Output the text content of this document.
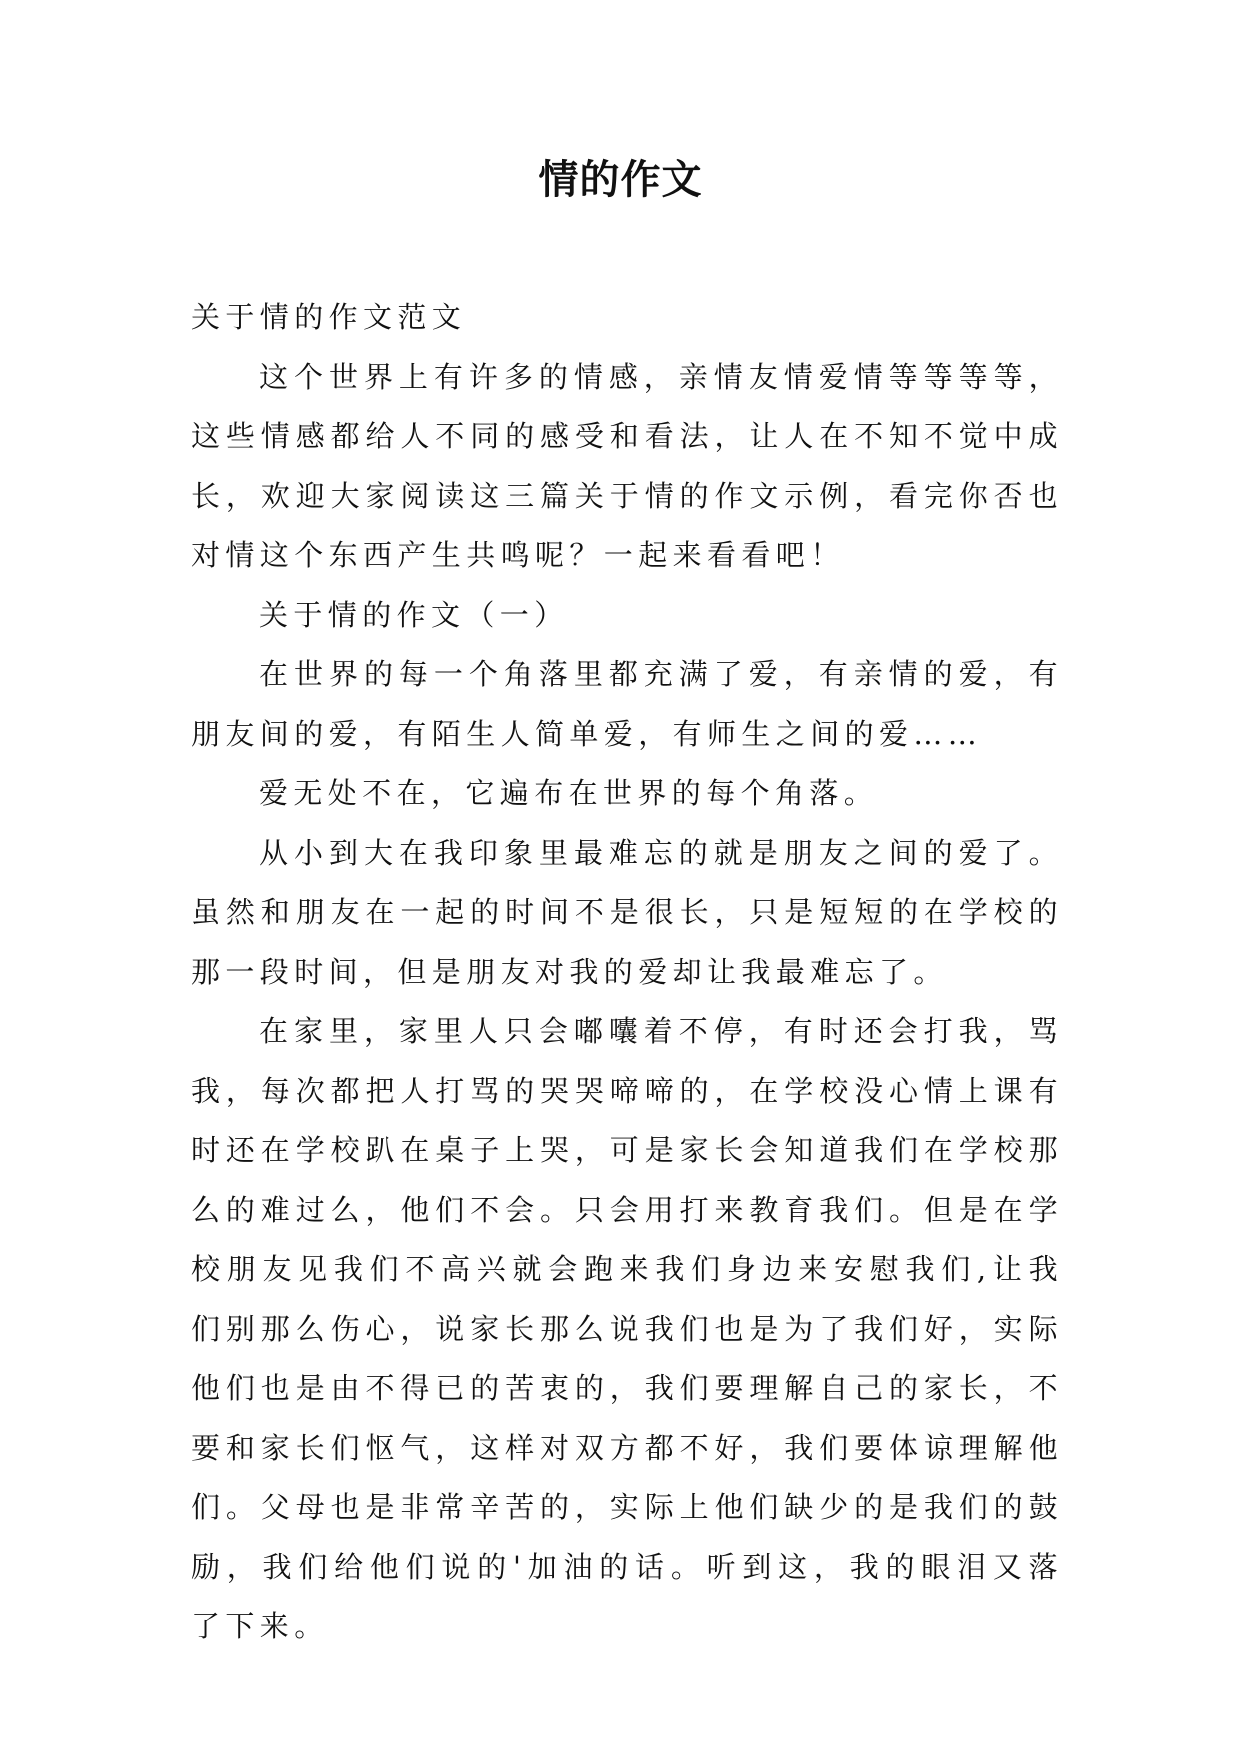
情的作文

关于情的作文范文

这个世界上有许多的情感，亲情友情爱情等等等等，这些情感都给人不同的感受和看法，让人在不知不觉中成长，欢迎大家阅读这三篇关于情的作文示例，看完你否也对情这个东西产生共鸣呢？一起来看看吧！

关于情的作文（一）

在世界的每一个角落里都充满了爱，有亲情的爱，有朋友间的爱，有陌生人简单爱，有师生之间的爱……

爱无处不在，它遍布在世界的每个角落。

从小到大在我印象里最难忘的就是朋友之间的爱了。虽然和朋友在一起的时间不是很长，只是短短的在学校的那一段时间，但是朋友对我的爱却让我最难忘了。

在家里，家里人只会嘟囔着不停，有时还会打我，骂我，每次都把人打骂的哭哭啼啼的，在学校没心情上课有时还在学校趴在桌子上哭，可是家长会知道我们在学校那么的难过么，他们不会。只会用打来教育我们。但是在学校朋友见我们不高兴就会跑来我们身边来安慰我们,让我们别那么伤心，说家长那么说我们也是为了我们好，实际他们也是由不得已的苦衷的，我们要理解自己的家长，不要和家长们怄气，这样对双方都不好，我们要体谅理解他们。父母也是非常辛苦的，实际上他们缺少的是我们的鼓励，我们给他们说的'加油的话。听到这，我的眼泪又落了下来。
